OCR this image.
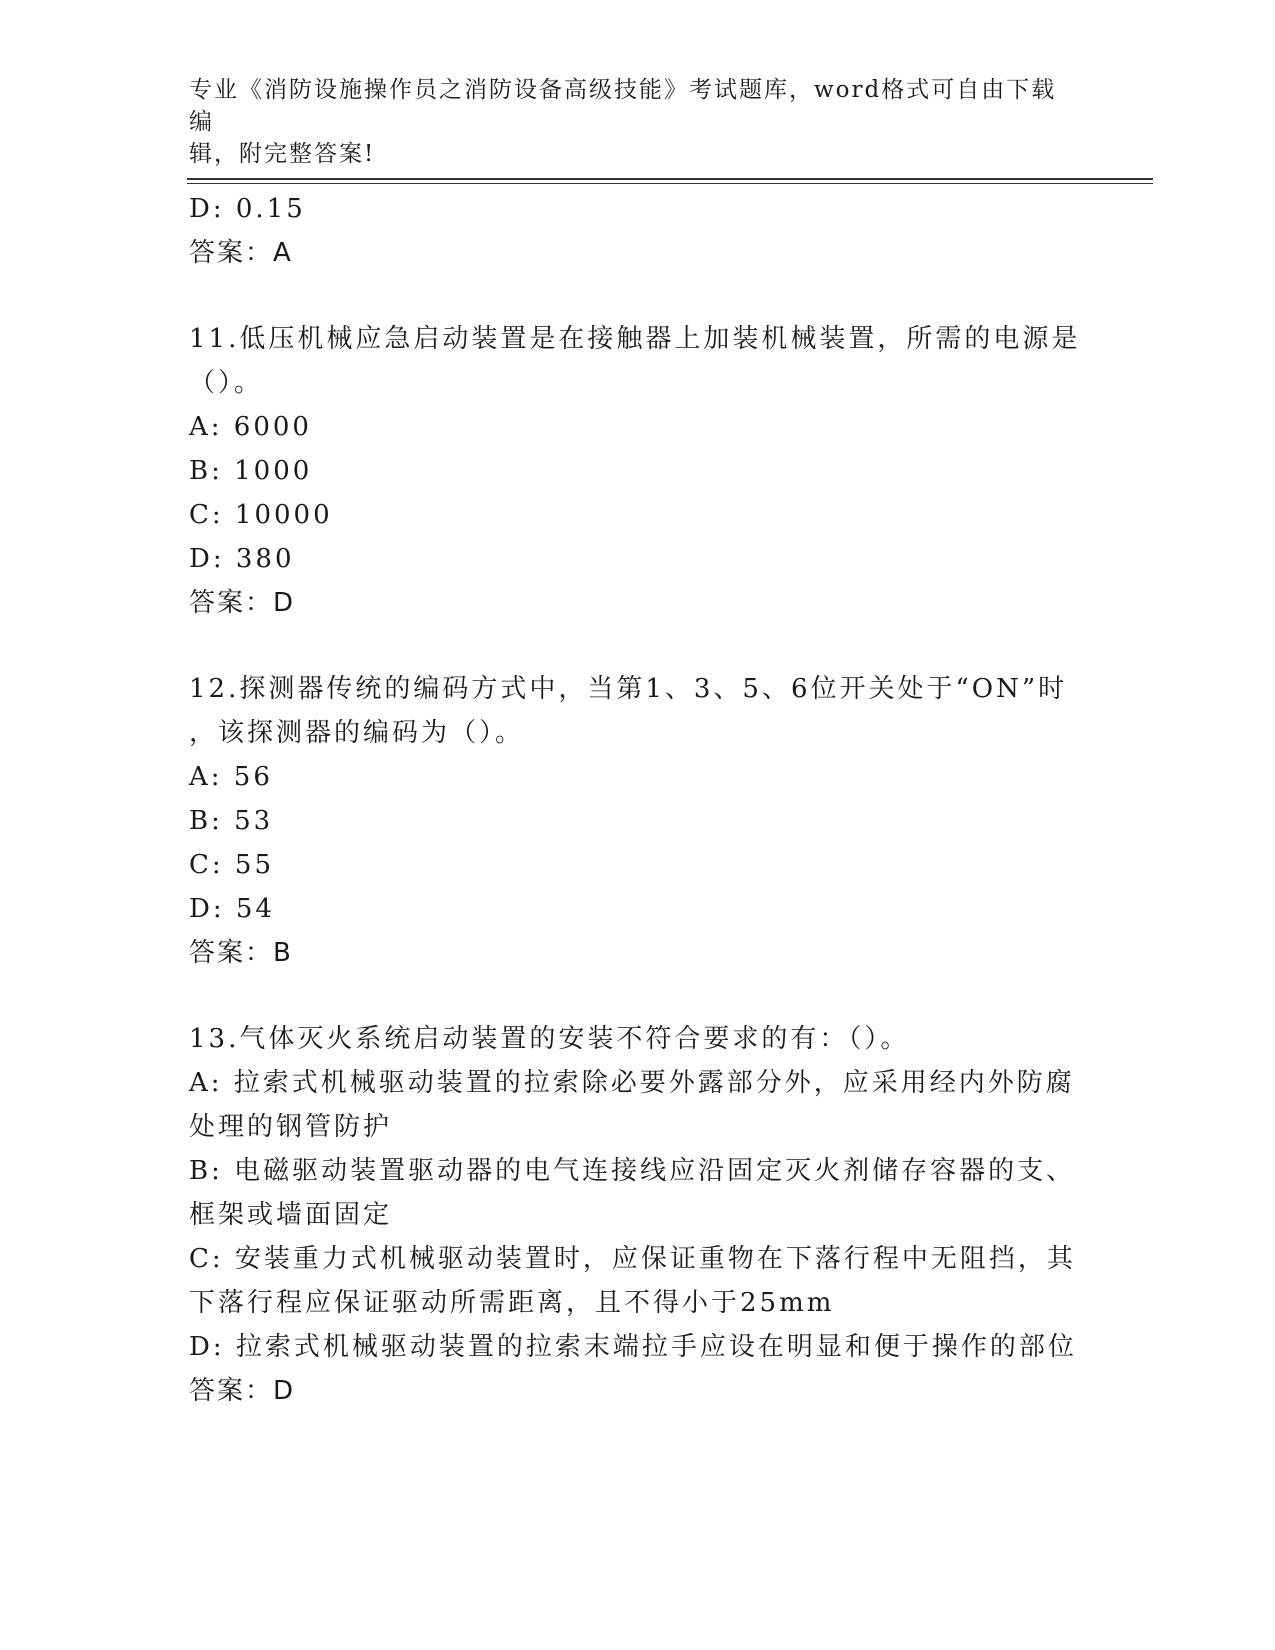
专业《消防设施操作员之消防设备高级技能》考试题库，word格式可自由下载编
辑，附完整答案!
D: 0.15
答案：A
11.低压机械应急启动装置是在接触器上加装机械装置，所需的电源是
（）。
A: 6000
B: 1000
C: 10000
D: 380
答案：D
12.探测器传统的编码方式中，当第1、3、5、6位开关处于“ON”时
，该探测器的编码为（）。
A: 56
B: 53
C: 55
D: 54
答案：B
13.气体灭火系统启动装置的安装不符合要求的有：（）。
A: 拉索式机械驱动装置的拉索除必要外露部分外，应采用经内外防腐
处理的钢管防护
B: 电磁驱动装置驱动器的电气连接线应沿固定灭火剂储存容器的支、
框架或墙面固定
C: 安装重力式机械驱动装置时，应保证重物在下落行程中无阻挡，其
下落行程应保证驱动所需距离，且不得小于25mm
D: 拉索式机械驱动装置的拉索末端拉手应设在明显和便于操作的部位
答案：D
